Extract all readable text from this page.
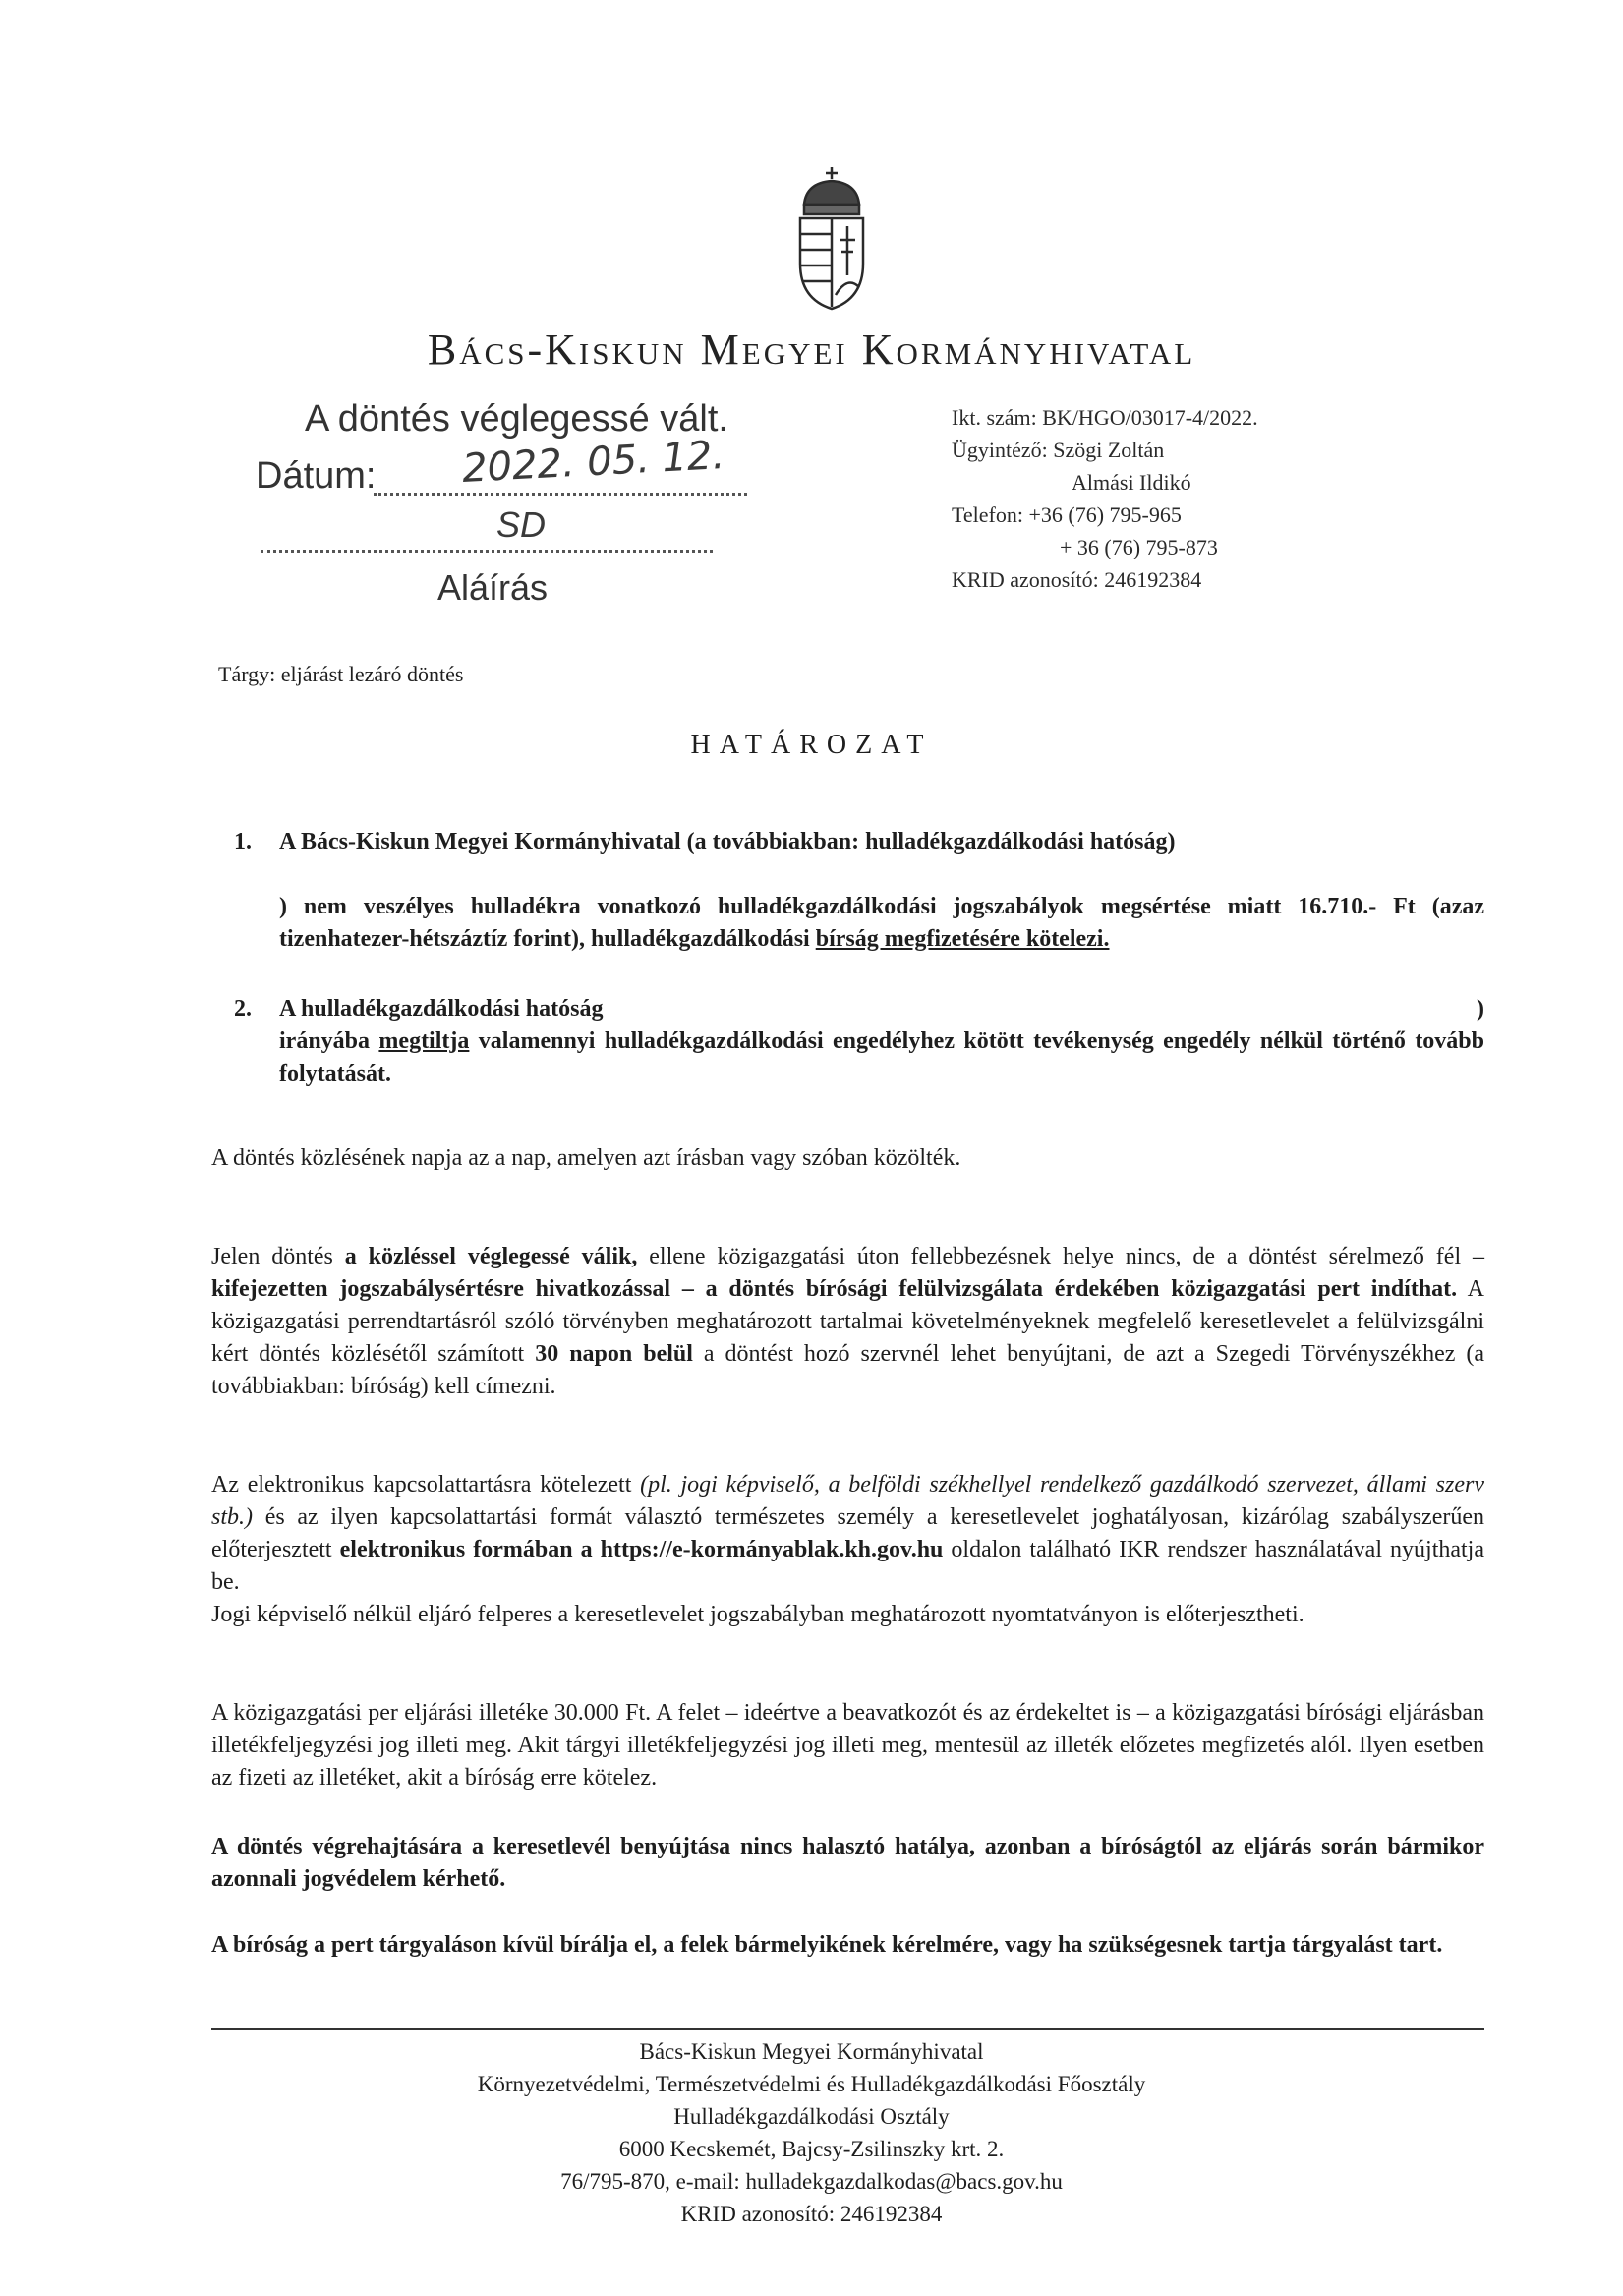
Bács-Kiskun Megyei Kormányhivatal
A döntés véglegessé vált.
Dátum: 2022. 05. 12.
SD
Aláírás
Ikt. szám: BK/HGO/03017-4/2022.
Ügyintéző: Szögi Zoltán
Almási Ildikó
Telefon: +36 (76) 795-965
+ 36 (76) 795-873
KRID azonosító: 246192384
Tárgy: eljárást lezáró döntés
HATÁROZAT
1. A Bács-Kiskun Megyei Kormányhivatal (a továbbiakban: hulladékgazdálkodási hatóság)
) nem veszélyes hulladékra vonatkozó hulladékgazdálkodási jogszabályok megsértése miatt 16.710.- Ft (azaz tizenhatezer-hétszáztíz forint), hulladékgazdálkodási bírság megfizetésére kötelezi.
2. A hulladékgazdálkodási hatóság	)

irányába megtiltja valamennyi hulladékgazdálkodási engedélyhez kötött tevékenység engedély nélkül történő tovább folytatását.
A döntés közlésének napja az a nap, amelyen azt írásban vagy szóban közölték.
Jelen döntés a közléssel véglegessé válik, ellene közigazgatási úton fellebbezésnek helye nincs, de a döntést sérelmező fél – kifejezetten jogszabálysértésre hivatkozással – a döntés bírósági felülvizsgálata érdekében közigazgatási pert indíthat. A közigazgatási perrendtartásról szóló törvényben meghatározott tartalmai követelményeknek megfelelő keresetlevelet a felülvizsgálni kért döntés közlésétől számított 30 napon belül a döntést hozó szervnél lehet benyújtani, de azt a Szegedi Törvényszékhez (a továbbiakban: bíróság) kell címezni.
Az elektronikus kapcsolattartásra kötelezett (pl. jogi képviselő, a belföldi székhellyel rendelkező gazdálkodó szervezet, állami szerv stb.) és az ilyen kapcsolattartási formát választó természetes személy a keresetlevelet joghatályosan, kizárólag szabályszerűen előterjesztett elektronikus formában a https://e-kormányablak.kh.gov.hu oldalon található IKR rendszer használatával nyújthatja be.
Jogi képviselő nélkül eljáró felperes a keresetlevelet jogszabályban meghatározott nyomtatványon is előterjesztheti.
A közigazgatási per eljárási illetéke 30.000 Ft. A felet – ideértve a beavatkozót és az érdekeltet is – a közigazgatási bírósági eljárásban illetékfeljegyzési jog illeti meg. Akit tárgyi illetékfeljegyzési jog illeti meg, mentesül az illeték előzetes megfizetés alól. Ilyen esetben az fizeti az illetéket, akit a bíróság erre kötelez.
A döntés végrehajtására a keresetlevél benyújtása nincs halasztó hatálya, azonban a bíróságtól az eljárás során bármikor azonnali jogvédelem kérhető.
A bíróság a pert tárgyaláson kívül bírálja el, a felek bármelyikének kérelmére, vagy ha szükségesnek tartja tárgyalást tart.
Bács-Kiskun Megyei Kormányhivatal
Környezetvédelmi, Természetvédelmi és Hulladékgazdálkodási Főosztály
Hulladékgazdálkodási Osztály
6000 Kecskemét, Bajcsy-Zsilinszky krt. 2.
76/795-870, e-mail: hulladekgazdalkodas@bacs.gov.hu
KRID azonosító: 246192384
